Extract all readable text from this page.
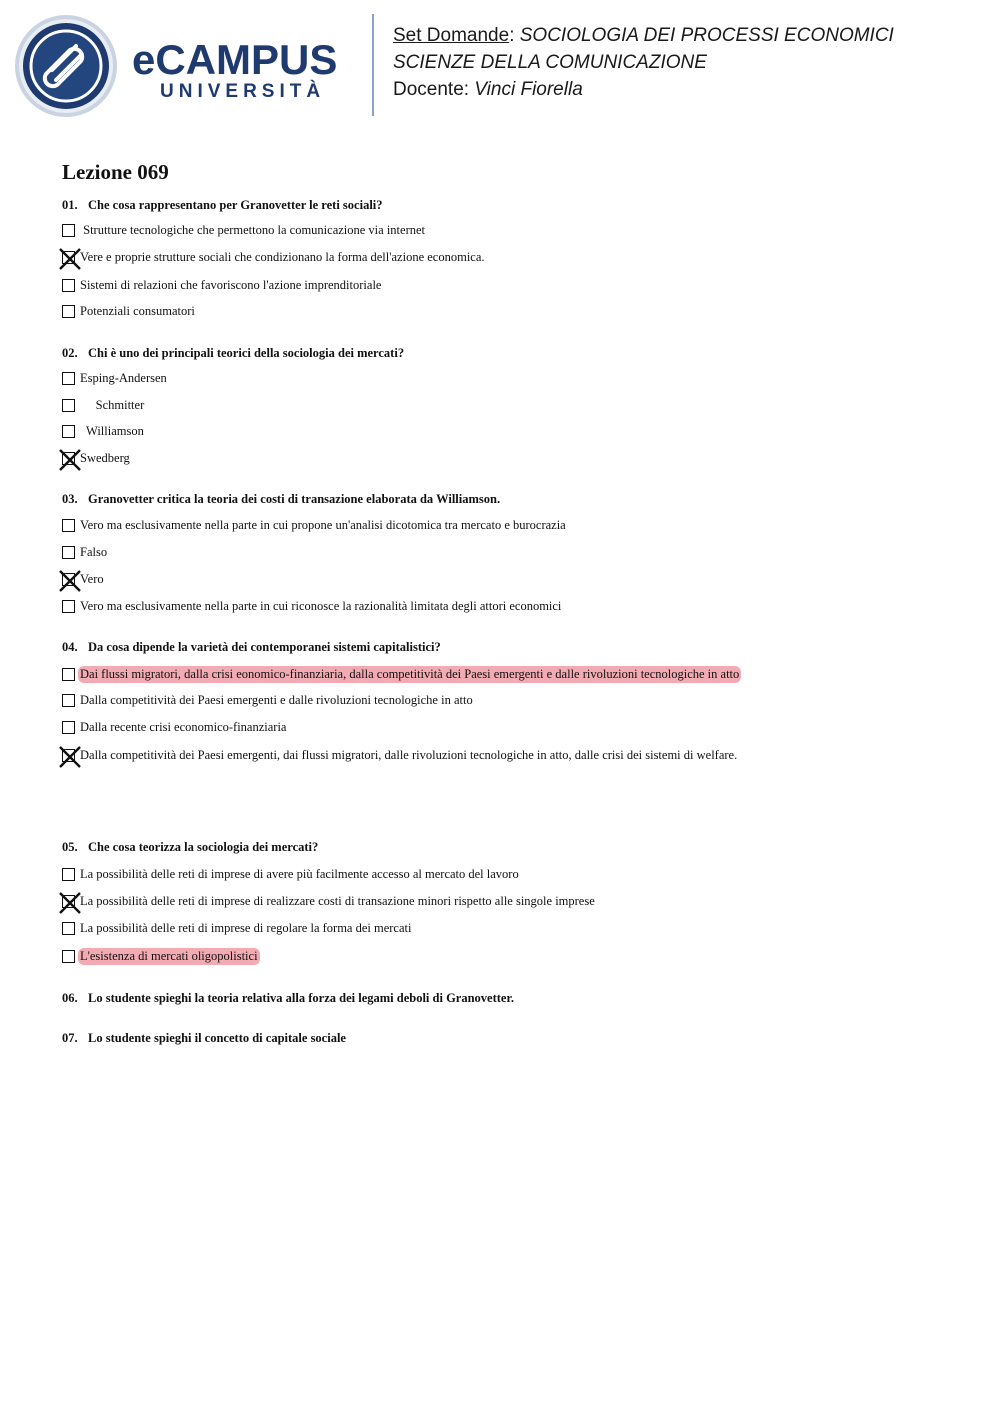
eCAMPUS
UNIVERSITÀ
Set Domande: SOCIOLOGIA DEI PROCESSI ECONOMICI
SCIENZE DELLA COMUNICAZIONE
Docente: Vinci Fiorella
Lezione 069
01. Che cosa rappresentano per Granovetter le reti sociali?
Strutture tecnologiche che permettono la comunicazione via internet
Vere e proprie strutture sociali che condizionano la forma dell'azione economica.
Sistemi di relazioni che favoriscono l'azione imprenditoriale
Potenziali consumatori
02. Chi è uno dei principali teorici della sociologia dei mercati?
Esping-Andersen
Schmitter
Williamson
Swedberg
03. Granovetter critica la teoria dei costi di transazione elaborata da Williamson.
Vero ma esclusivamente nella parte in cui propone un'analisi dicotomica tra mercato e burocrazia
Falso
Vero
Vero ma esclusivamente nella parte in cui riconosce la razionalità limitata degli attori economici
04. Da cosa dipende la varietà dei contemporanei sistemi capitalistici?
Dai flussi migratori, dalla crisi eonomico-finanziaria, dalla competitività dei Paesi emergenti e dalle rivoluzioni tecnologiche in atto
Dalla competitività dei Paesi emergenti e dalle rivoluzioni tecnologiche in atto
Dalla recente crisi economico-finanziaria
Dalla competitività dei Paesi emergenti, dai flussi migratori, dalle rivoluzioni tecnologiche in atto, dalle crisi dei sistemi di welfare.
05. Che cosa teorizza la sociologia dei mercati?
La possibilità delle reti di imprese di avere più facilmente accesso al mercato del lavoro
La possibilità delle reti di imprese di realizzare costi di transazione minori rispetto alle singole imprese
La possibilità delle reti di imprese di regolare la forma dei mercati
L'esistenza di mercati oligopolistici
06. Lo studente spieghi la teoria relativa alla forza dei legami deboli di Granovetter.
07. Lo studente spieghi il concetto di capitale sociale
